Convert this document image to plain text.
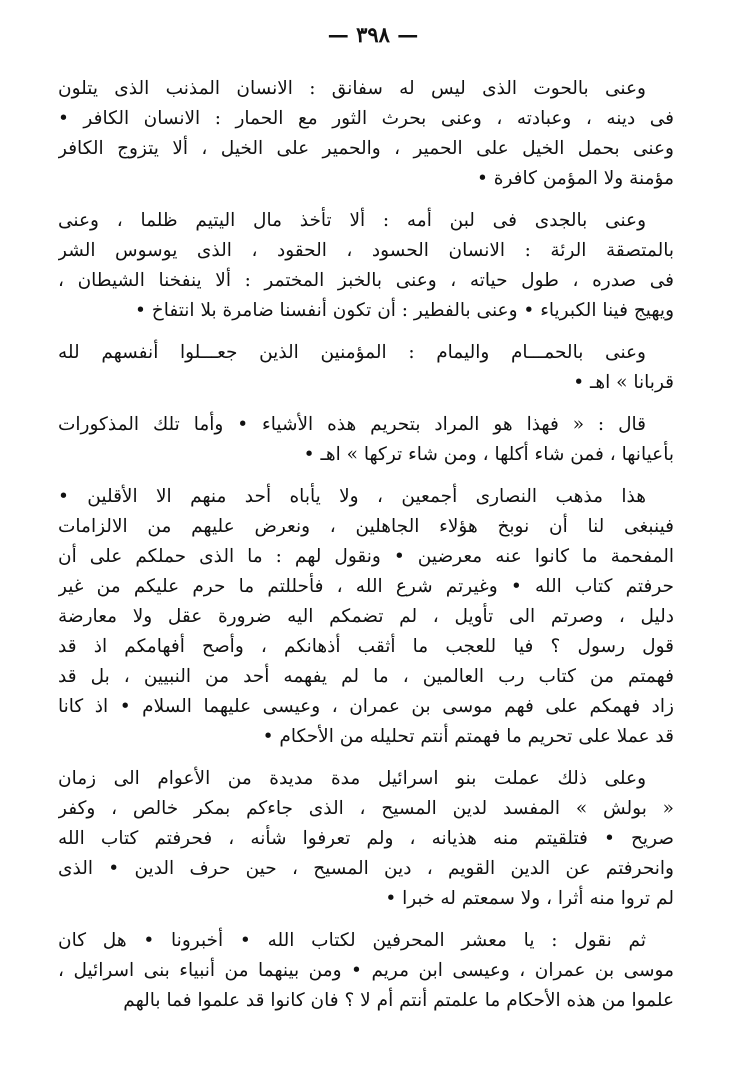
— ٣٩٨ —
وعنى بالحوت الذى ليس له سفانق : الانسان المذنب الذى يتلون
فى دينه ، وعبادته ، وعنى بحرث الثور مع الحمار : الانسان الكافر •
وعنى بحمل الخيل على الحمير ، والحمير على الخيل ، ألا يتزوج الكافر
مؤمنة ولا المؤمن كافرة •
وعنى بالجدى فى لبن أمه : ألا تأخذ مال اليتيم ظلما ، وعنى
بالمتصقة الرئة : الانسان الحسود ، الحقود ، الذى يوسوس الشر
فى صدره ، طول حياته ، وعنى بالخبز المختمر : ألا ينفخنا الشيطان ،
ويهيج فينا الكبرياء • وعنى بالفطير : أن تكون أنفسنا ضامرة بلا انتفاخ •
وعنى بالحمـــام واليمام : المؤمنين الذين جعـــلوا أنفسهم لله
قربانا » اهـ •
قال : « فهذا هو المراد بتحريم هذه الأشياء • وأما تلك المذكورات
بأعيانها ، فمن شاء أكلها ، ومن شاء تركها » اهـ •
هذا مذهب النصارى أجمعين ، ولا يأباه أحد منهم الا الأقلين •
فينبغى لنا أن نوبخ هؤلاء الجاهلين ، ونعرض عليهم من الالزامات
المفحمة ما كانوا عنه معرضين • ونقول لهم : ما الذى حملكم على أن
حرفتم كتاب الله • وغيرتم شرع الله ، فأحللتم ما حرم عليكم من غير
دليل ، وصرتم الى تأويل ، لم تضمكم اليه ضرورة عقل ولا معارضة
قول رسول ؟ فيا للعجب ما أثقب أذهانكم ، وأصح أفهامكم اذ قد
فهمتم من كتاب رب العالمين ، ما لم يفهمه أحد من النبيين ، بل قد
زاد فهمكم على فهم موسى بن عمران ، وعيسى عليهما السلام • اذ كانا
قد عملا على تحريم ما فهمتم أنتم تحليله من الأحكام •
وعلى ذلك عملت بنو اسرائيل مدة مديدة من الأعوام الى زمان
« بولش » المفسد لدين المسيح ، الذى جاءكم بمكر خالص ، وكفر
صريح • فتلقيتم منه هذيانه ، ولم تعرفوا شأنه ، فحرفتم كتاب الله
وانحرفتم عن الدين القويم ، دين المسيح ، حين حرف الدين • الذى
لم تروا منه أثرا ، ولا سمعتم له خبرا •
ثم نقول : يا معشر المحرفين لكتاب الله • أخبرونا • هل كان
موسى بن عمران ، وعيسى ابن مريم • ومن بينهما من أنبياء بنى اسرائيل ،
علموا من هذه الأحكام ما علمتم أنتم أم لا ؟ فان كانوا قد علموا فما بالهم
